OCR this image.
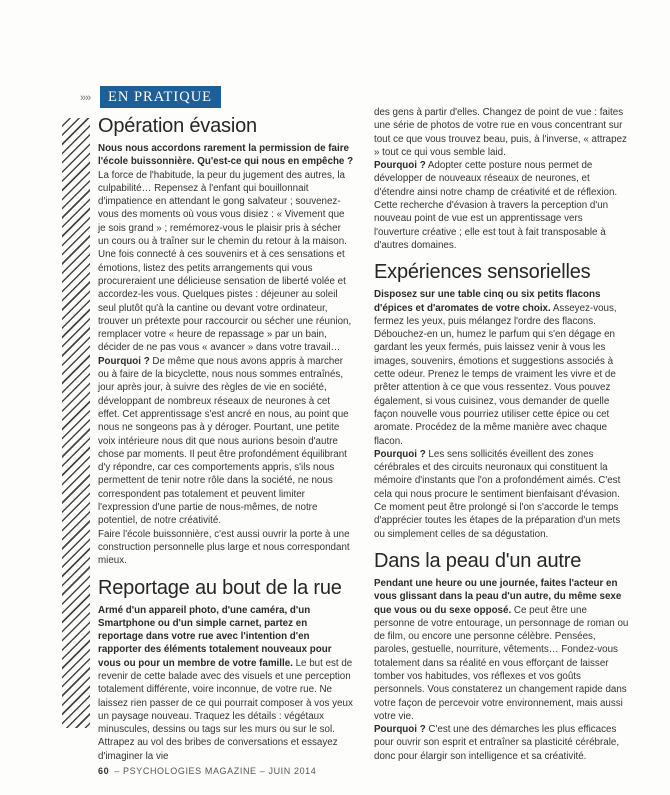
»»	EN PRATIQUE
Opération évasion

Nous nous accordons rarement la permission de faire l'école buissonnière. Qu'est-ce qui nous en empêche ?
La force de l'habitude, la peur du jugement des autres, la culpabilité… Repensez à l'enfant qui bouillonnait d'impatience en attendant le gong salvateur ; souvenez-vous des moments où vous vous disiez : « Vivement que je sois grand » ; remémorez-vous le plaisir pris à sécher un cours ou à traîner sur le chemin du retour à la maison. Une fois connecté à ces souvenirs et à ces sensations et émotions, listez des petits arrangements qui vous procureraient une délicieuse sensation de liberté volée et accordez-les vous. Quelques pistes : déjeuner au soleil seul plutôt qu'à la cantine ou devant votre ordinateur, trouver un prétexte pour raccourcir ou sécher une réunion, remplacer votre « heure de repassage » par un bain, décider de ne pas vous « avancer » dans votre travail…
Pourquoi ? De même que nous avons appris à marcher ou à faire de la bicyclette, nous nous sommes entraînés, jour après jour, à suivre des règles de vie en société, développant de nombreux réseaux de neurones à cet effet. Cet apprentissage s'est ancré en nous, au point que nous ne songeons pas à y déroger. Pourtant, une petite voix intérieure nous dit que nous aurions besoin d'autre chose par moments. Il peut être profondément équilibrant d'y répondre, car ces comportements appris, s'ils nous permettent de tenir notre rôle dans la société, ne nous correspondent pas totalement et peuvent limiter l'expression d'une partie de nous-mêmes, de notre potentiel, de notre créativité.
Faire l'école buissonnière, c'est aussi ouvrir la porte à une construction personnelle plus large et nous correspondant mieux.

Reportage au bout de la rue

Armé d'un appareil photo, d'une caméra, d'un Smartphone ou d'un simple carnet, partez en reportage dans votre rue avec l'intention d'en rapporter des éléments totalement nouveaux pour vous ou pour un membre de votre famille. Le but est de revenir de cette balade avec des visuels et une perception totalement différente, voire inconnue, de votre rue. Ne laissez rien passer de ce qui pourrait composer à vos yeux un paysage nouveau. Traquez les détails : végétaux minuscules, dessins ou tags sur les murs ou sur le sol. Attrapez au vol des bribes de conversations et essayez d'imaginer la vie

des gens à partir d'elles. Changez de point de vue : faites une série de photos de votre rue en vous concentrant sur tout ce que vous trouvez beau, puis, à l'inverse, « attrapez » tout ce qui vous semble laid.
Pourquoi ? Adopter cette posture nous permet de développer de nouveaux réseaux de neurones, et d'étendre ainsi notre champ de créativité et de réflexion. Cette recherche d'évasion à travers la perception d'un nouveau point de vue est un apprentissage vers l'ouverture créative ; elle est tout à fait transposable à d'autres domaines.

Expériences sensorielles

Disposez sur une table cinq ou six petits flacons d'épices et d'aromates de votre choix. Asseyez-vous, fermez les yeux, puis mélangez l'ordre des flacons. Débouchez-en un, humez le parfum qui s'en dégage en gardant les yeux fermés, puis laissez venir à vous les images, souvenirs, émotions et suggestions associés à cette odeur. Prenez le temps de vraiment les vivre et de prêter attention à ce que vous ressentez. Vous pouvez également, si vous cuisinez, vous demander de quelle façon nouvelle vous pourriez utiliser cette épice ou cet aromate. Procédez de la même manière avec chaque flacon.
Pourquoi ? Les sens sollicités éveillent des zones cérébrales et des circuits neuronaux qui constituent la mémoire d'instants que l'on a profondément aimés. C'est cela qui nous procure le sentiment bienfaisant d'évasion. Ce moment peut être prolongé si l'on s'accorde le temps d'apprécier toutes les étapes de la préparation d'un mets ou simplement celles de sa dégustation.

Dans la peau d'un autre

Pendant une heure ou une journée, faites l'acteur en vous glissant dans la peau d'un autre, du même sexe que vous ou du sexe opposé. Ce peut être une personne de votre entourage, un personnage de roman ou de film, ou encore une personne célèbre. Pensées, paroles, gestuelle, nourriture, vêtements… Fondez-vous totalement dans sa réalité en vous efforçant de laisser tomber vos habitudes, vos réflexes et vos goûts personnels. Vous constaterez un changement rapide dans votre façon de percevoir votre environnement, mais aussi votre vie.
Pourquoi ? C'est une des démarches les plus efficaces pour ouvrir son esprit et entraîner sa plasticité cérébrale, donc pour élargir son intelligence et sa créativité.

60 – PSYCHOLOGIES MAGAZINE – JUIN 2014
